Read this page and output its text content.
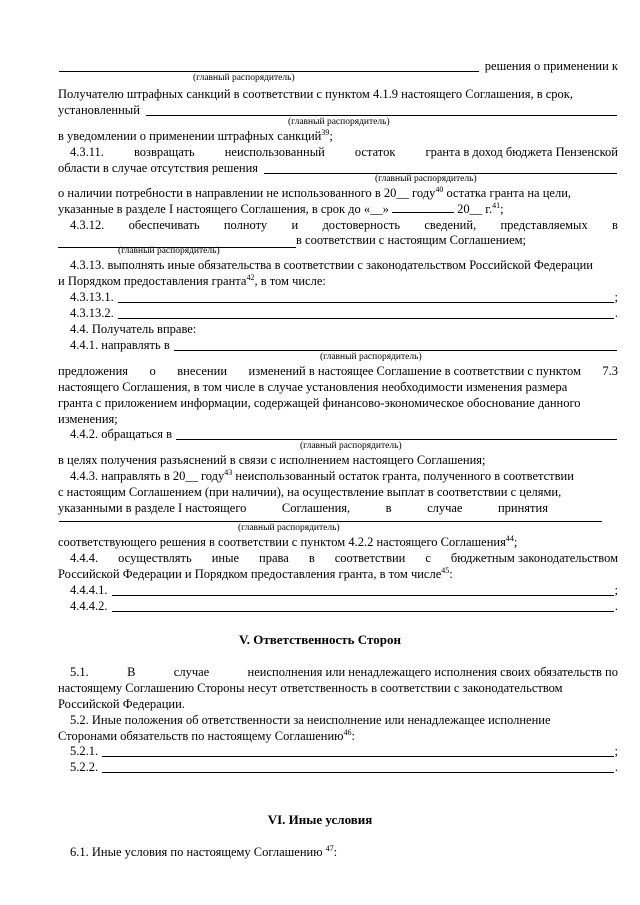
решения о применении к
(главный распорядитель)
Получателю штрафных санкций в соответствии с пунктом 4.1.9 настоящего Соглашения, в срок,
установленный
(главный распорядитель)
в уведомлении о применении штрафных санкций$^{39}$;
4.3.11. возвращать неиспользованный остаток гранта в доход бюджета Пензенской
области в случае отсутствия решения
(главный распорядитель)
о наличии потребности в направлении не использованного в 20__ году$^{40}$ остатка гранта на цели,
указанные в разделе I настоящего Соглашения, в срок до «__»	20__ г.$^{41}$;
4.3.12. обеспечивать полноту и достоверность сведений, представляемых в
в соответствии с настоящим Соглашением;
(главный распорядитель)
4.3.13. выполнять иные обязательства в соответствии с законодательством Российской Федерации
и Порядком предоставления гранта$^{42}$, в том числе:
4.3.13.1.	;
4.3.13.2.	.
4.4. Получатель вправе:
4.4.1. направлять в
(главный распорядитель)
предложения о внесении изменений в настоящее Соглашение в соответствии с пунктом 7.3
настоящего Соглашения, в том числе в случае установления необходимости изменения размера
гранта с приложением информации, содержащей финансово-экономическое обоснование данного
изменения;
4.4.2. обращаться в
(главный распорядитель)
в целях получения разъяснений в связи с исполнением настоящего Соглашения;
4.4.3. направлять в 20__ году$^{43}$ неиспользованный остаток гранта, полученного в соответствии
с настоящим Соглашением (при наличии), на осуществление выплат в соответствии с целями,
указанными в разделе I настоящего	Соглашения,	в	случае	принятия
(главный распорядитель)
соответствующего решения в соответствии с пунктом 4.2.2 настоящего Соглашения$^{44}$;
4.4.4. осуществлять иные права в соответствии с бюджетным законодательством
Российской Федерации и Порядком предоставления гранта, в том числе$^{45}$:
4.4.4.1.	;
4.4.4.2.	.
V. Ответственность Сторон
5.1.	В	случае	неисполнения или ненадлежащего исполнения своих обязательств по
настоящему Соглашению Стороны несут ответственность в соответствии с законодательством
Российской Федерации.
5.2. Иные положения об ответственности за неисполнение или ненадлежащее исполнение
Сторонами обязательств по настоящему Соглашению$^{46}$:
5.2.1.	;
5.2.2.	.
VI. Иные условия
6.1. Иные условия по настоящему Соглашению $^{47}$:
